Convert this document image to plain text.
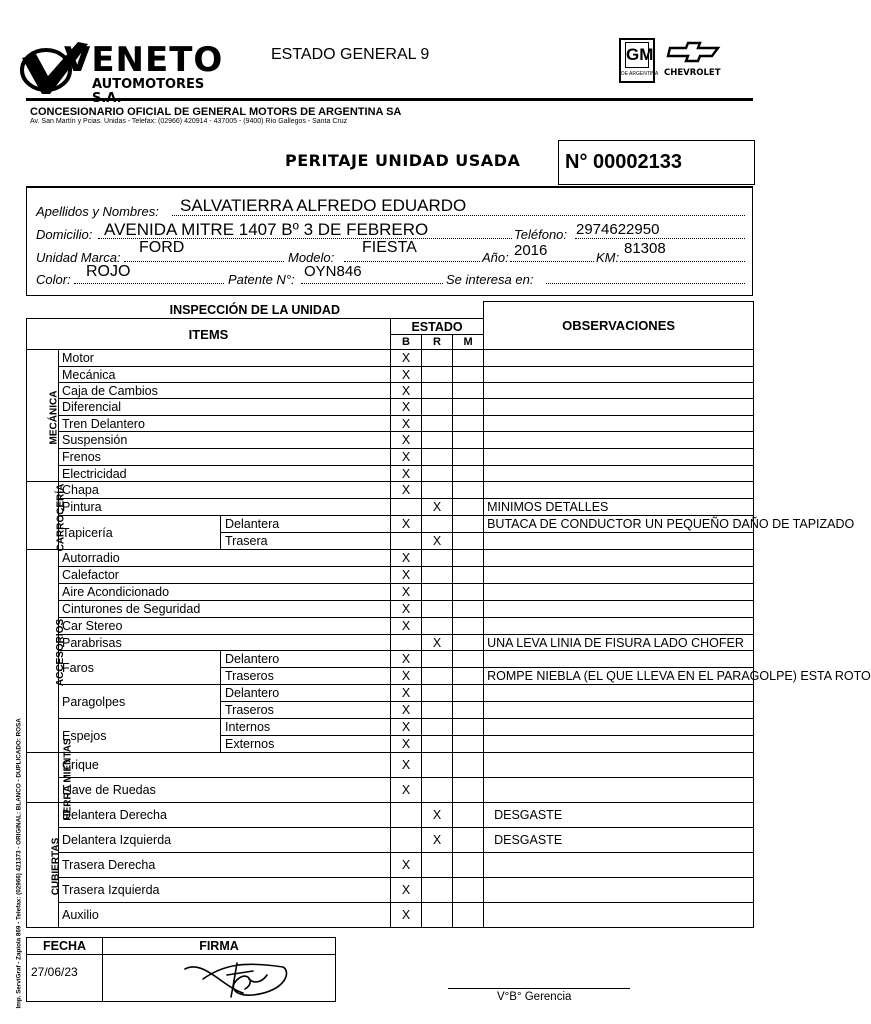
VENETO
AUTOMOTORES
ESTADO GENERAL 9	GM
DE ARGENTINA CHEVROLET
CONCESIONARIO OFICIAL DE GENERAL MOTORS DE ARGENTINA SA
Av. San Martín y Pcias. Unidas - Telefax: (02966) 420914 - 437005 - (9400) Río Gallegos - Santa Cruz
PERITAJE UNIDAD USADA N° 00002133
Apellidos y Nombres: SALVATIERRA ALFREDO EDUARDO
Domicilio: AVENIDA MITRE 1407 Bº 3 DE FEBRERO	Teléfono: 2974622950
Unidad Marca:
FORD
Modelo:
FIESTA
Año: 2016	KM:
81308
Color: ROJO	Patente N°: OYN846	Se interesa en:
INSPECCIÓN DE LA UNIDAD						OBSERVACIONES
ITEMS			ESTADO			
			B	R	M	
MECÁNICA	Motor		X			
	Mecánica		X			
	Caja de Cambios		X			
	Diferencial		X			
	Tren Delantero		X			
	Suspensión		X			
	Frenos		X			
	Electricidad		X			
CARROCERÍA	Chapa		X			
	Pintura			X		MINIMOS DETALLES
	Tapicería	Delantera	X			BUTACA DE CONDUCTOR UN PEQUEÑO DAÑO DE TAPIZADO
		Trasera		X		
ACCESORIOS	Autorradio		X			
	Calefactor		X			
	Aire Acondicionado		X			
	Cinturones de Seguridad		X			
	Car Stereo		X			
	Parabrisas			X		UNA LEVA LINIA DE FISURA LADO CHOFER
	Faros	Delantero	X			
		Traseros	X			ROMPE NIEBLA (EL QUE LLEVA EN EL PARAGOLPE) ESTA ROTO
	Paragolpes	Delantero	X			
		Traseros	X			
	Espejos	Internos	X			
		Externos	X			
HERRA MIENTAS	Crique		X			
	Llave de Ruedas		X			
CUBIERTAS	Delantera Derecha			X		DESGASTE
	Delantera Izquierda			X		DESGASTE
	Trasera Derecha		X			
	Trasera Izquierda		X			
	Auxilio		X			
FECHA	FIRMA
27/06/23	
V°B° Gerencia
Imp. ServiGraf - Zapiola 869 - Telefax: (02966) 421373 - ORIGINAL: BLANCO - DUPLICADO: ROSA
